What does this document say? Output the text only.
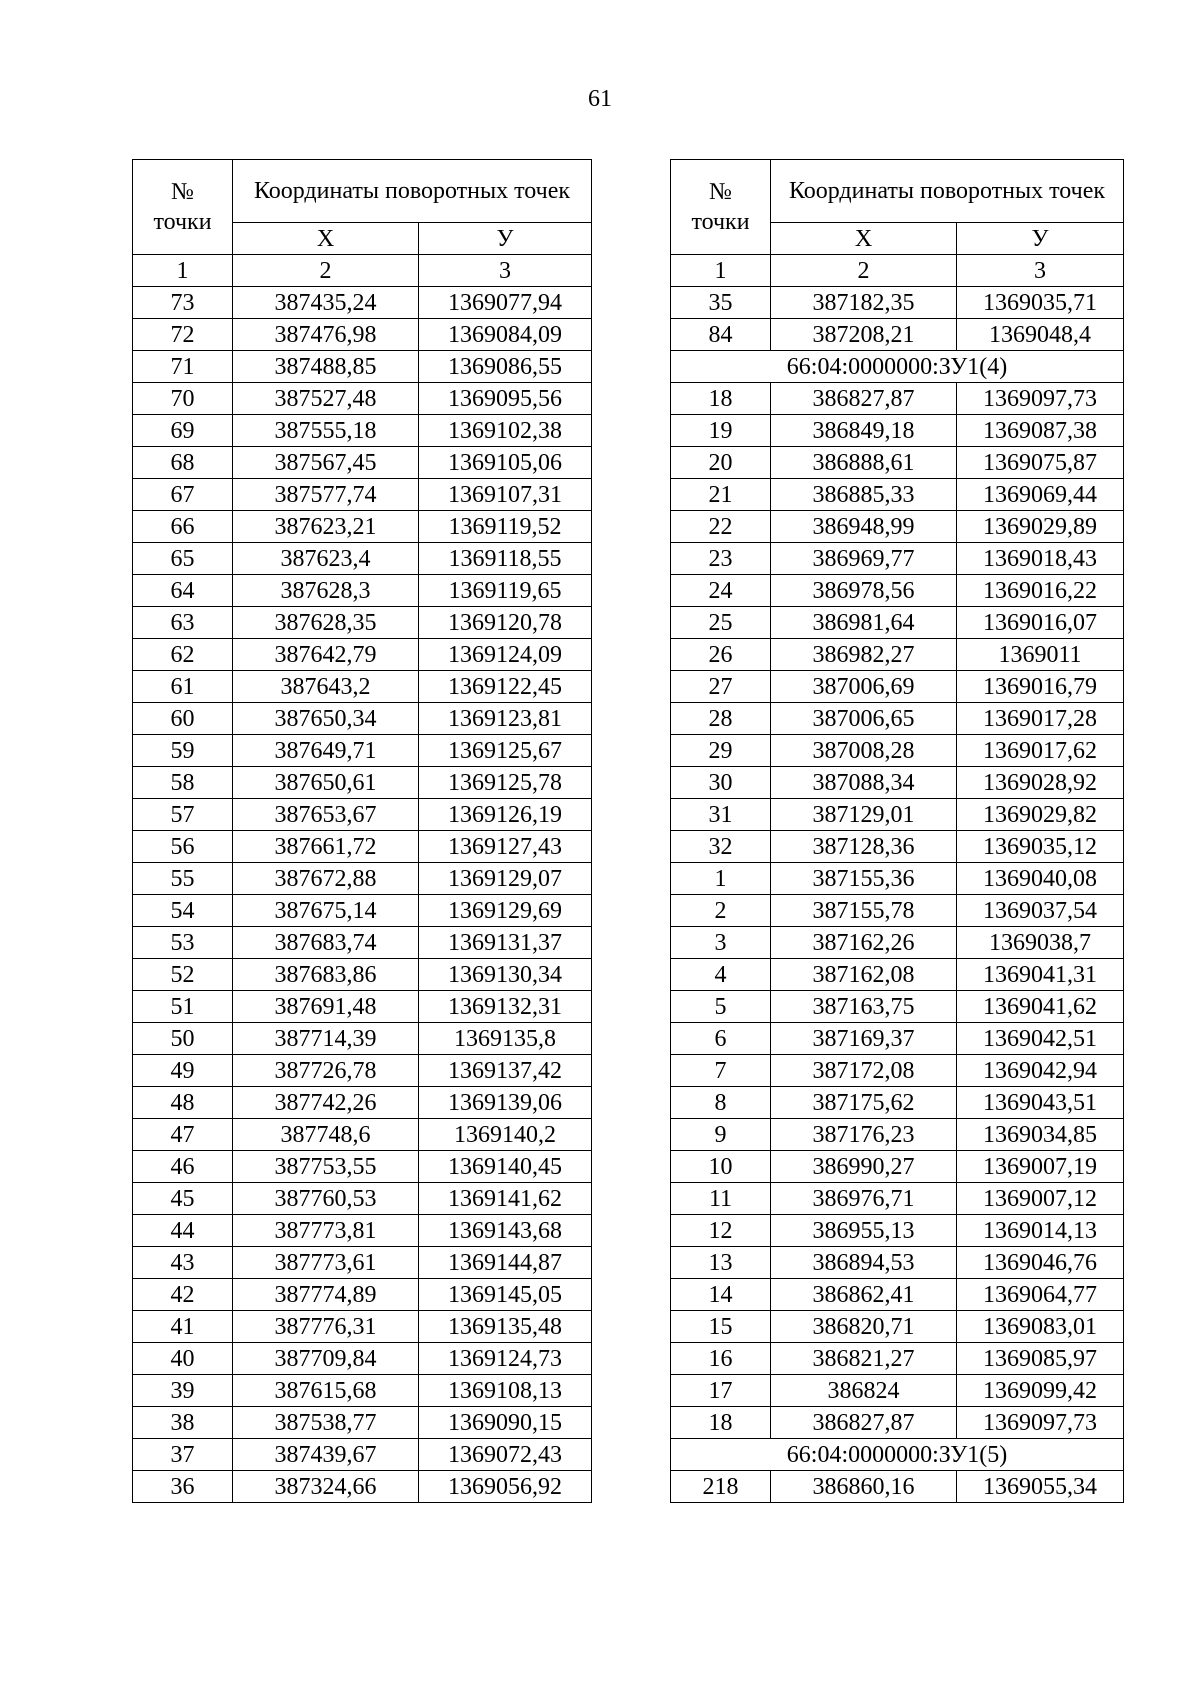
61
№
точки	Координаты поворотных точек	
	Х	У
1	2	3
73	387435,24	1369077,94
72	387476,98	1369084,09
71	387488,85	1369086,55
70	387527,48	1369095,56
69	387555,18	1369102,38
68	387567,45	1369105,06
67	387577,74	1369107,31
66	387623,21	1369119,52
65	387623,4	1369118,55
64	387628,3	1369119,65
63	387628,35	1369120,78
62	387642,79	1369124,09
61	387643,2	1369122,45
60	387650,34	1369123,81
59	387649,71	1369125,67
58	387650,61	1369125,78
57	387653,67	1369126,19
56	387661,72	1369127,43
55	387672,88	1369129,07
54	387675,14	1369129,69
53	387683,74	1369131,37
52	387683,86	1369130,34
51	387691,48	1369132,31
50	387714,39	1369135,8
49	387726,78	1369137,42
48	387742,26	1369139,06
47	387748,6	1369140,2
46	387753,55	1369140,45
45	387760,53	1369141,62
44	387773,81	1369143,68
43	387773,61	1369144,87
42	387774,89	1369145,05
41	387776,31	1369135,48
40	387709,84	1369124,73
39	387615,68	1369108,13
38	387538,77	1369090,15
37	387439,67	1369072,43
36	387324,66	1369056,92
№
точки	Координаты поворотных точек	
	Х	У
1	2	3
35	387182,35	1369035,71
84	387208,21	1369048,4
66:04:0000000:ЗУ1(4)		
18	386827,87	1369097,73
19	386849,18	1369087,38
20	386888,61	1369075,87
21	386885,33	1369069,44
22	386948,99	1369029,89
23	386969,77	1369018,43
24	386978,56	1369016,22
25	386981,64	1369016,07
26	386982,27	1369011
27	387006,69	1369016,79
28	387006,65	1369017,28
29	387008,28	1369017,62
30	387088,34	1369028,92
31	387129,01	1369029,82
32	387128,36	1369035,12
1	387155,36	1369040,08
2	387155,78	1369037,54
3	387162,26	1369038,7
4	387162,08	1369041,31
5	387163,75	1369041,62
6	387169,37	1369042,51
7	387172,08	1369042,94
8	387175,62	1369043,51
9	387176,23	1369034,85
10	386990,27	1369007,19
11	386976,71	1369007,12
12	386955,13	1369014,13
13	386894,53	1369046,76
14	386862,41	1369064,77
15	386820,71	1369083,01
16	386821,27	1369085,97
17	386824	1369099,42
18	386827,87	1369097,73
66:04:0000000:ЗУ1(5)		
218	386860,16	1369055,34
